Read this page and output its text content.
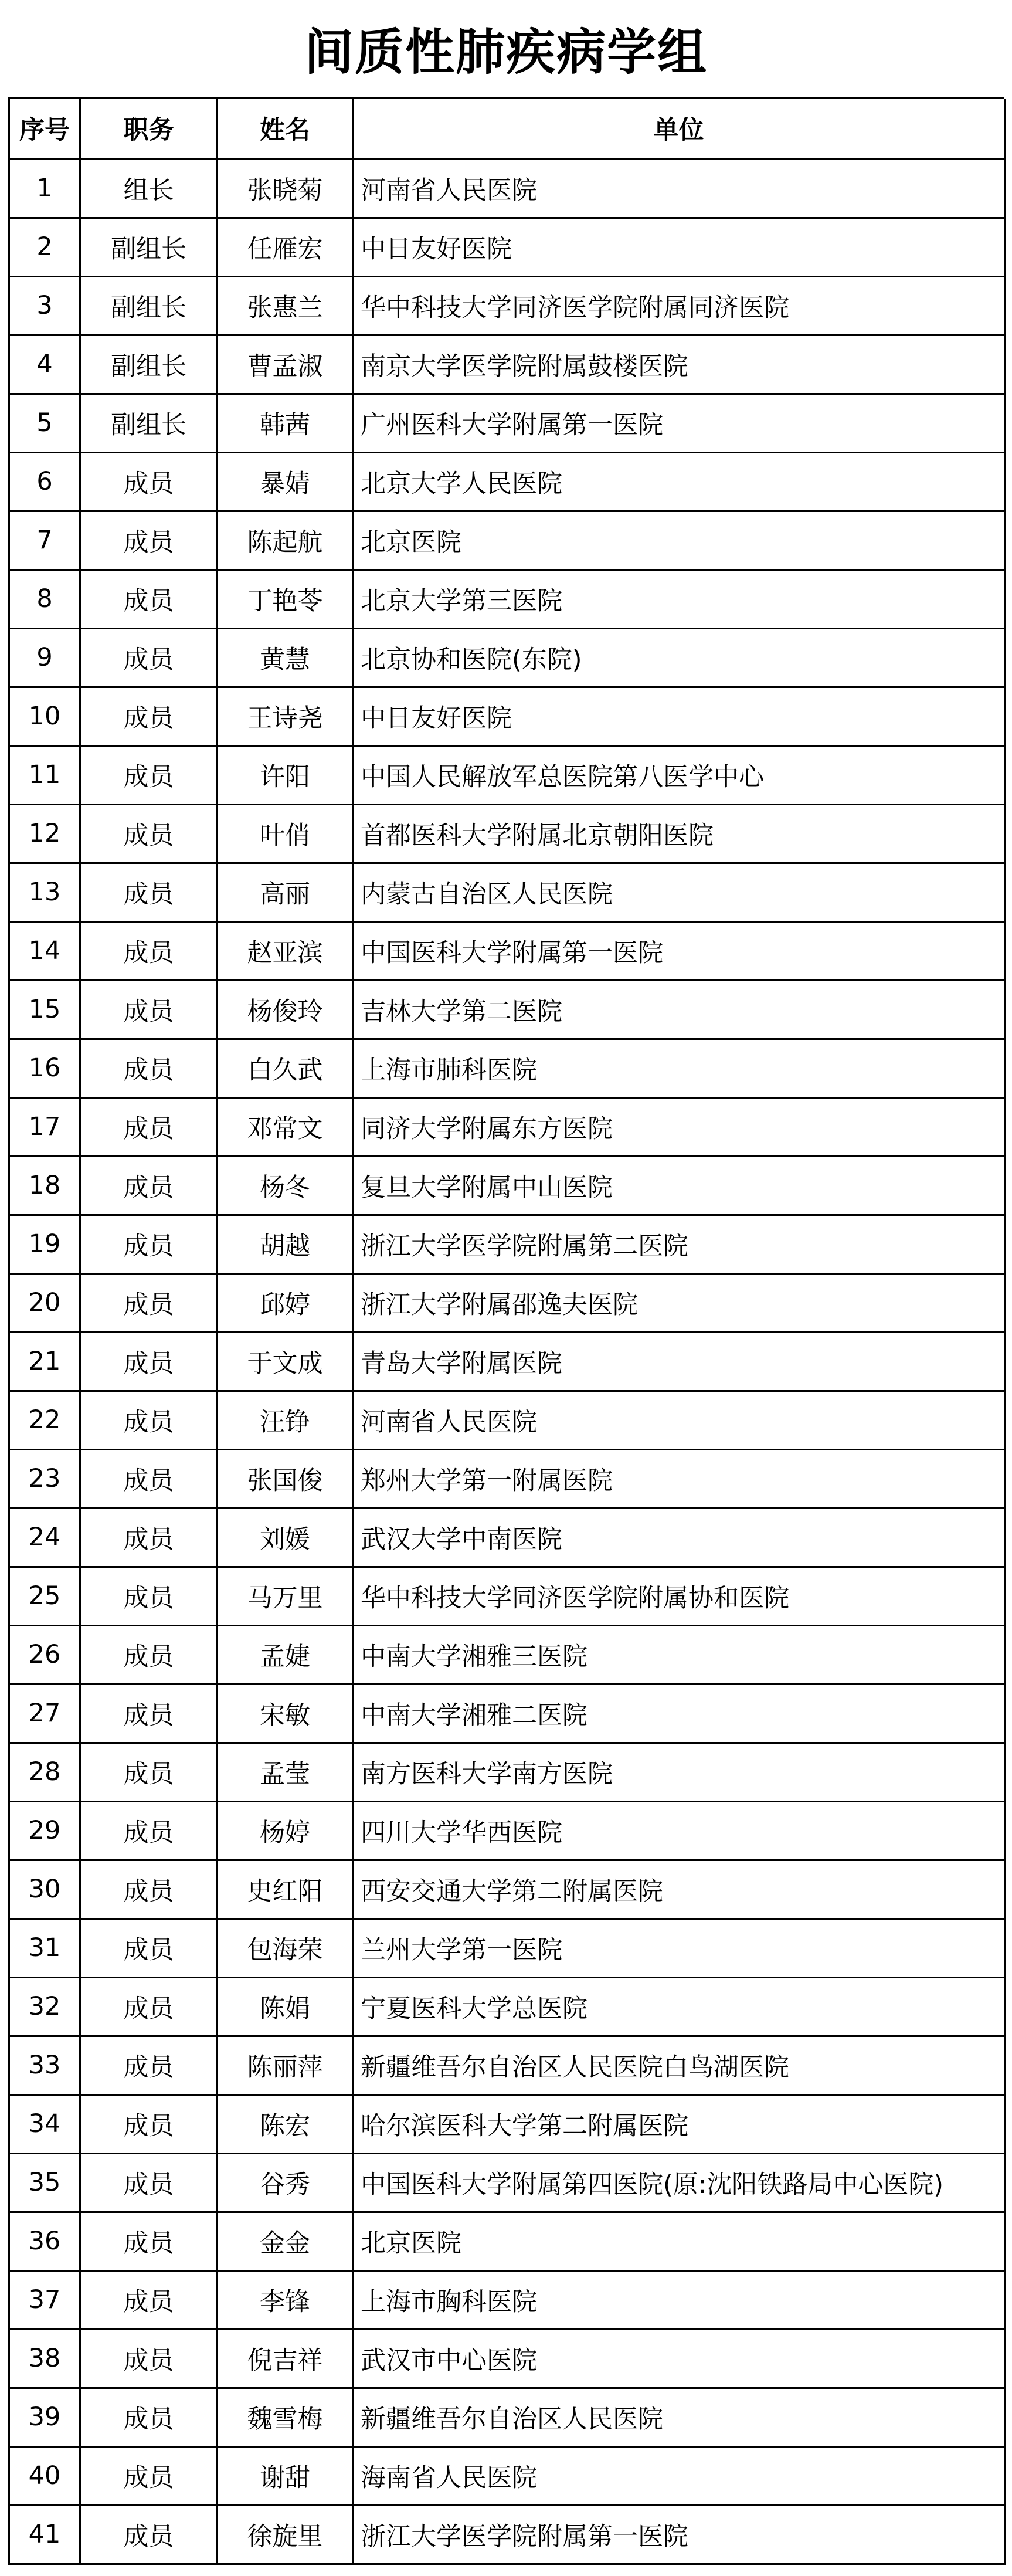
间质性肺疾病学组
序号	职务	姓名	单位
1	组长	张晓菊	河南省人民医院
2	副组长	任雁宏	中日友好医院
3	副组长	张惠兰	华中科技大学同济医学院附属同济医院
4	副组长	曹孟淑	南京大学医学院附属鼓楼医院
5	副组长	韩茜	广州医科大学附属第一医院
6	成员	暴婧	北京大学人民医院
7	成员	陈起航	北京医院
8	成员	丁艳苓	北京大学第三医院
9	成员	黄慧	北京协和医院(东院)
10	成员	王诗尧	中日友好医院
11	成员	许阳	中国人民解放军总医院第八医学中心
12	成员	叶俏	首都医科大学附属北京朝阳医院
13	成员	高丽	内蒙古自治区人民医院
14	成员	赵亚滨	中国医科大学附属第一医院
15	成员	杨俊玲	吉林大学第二医院
16	成员	白久武	上海市肺科医院
17	成员	邓常文	同济大学附属东方医院
18	成员	杨冬	复旦大学附属中山医院
19	成员	胡越	浙江大学医学院附属第二医院
20	成员	邱婷	浙江大学附属邵逸夫医院
21	成员	于文成	青岛大学附属医院
22	成员	汪铮	河南省人民医院
23	成员	张国俊	郑州大学第一附属医院
24	成员	刘媛	武汉大学中南医院
25	成员	马万里	华中科技大学同济医学院附属协和医院
26	成员	孟婕	中南大学湘雅三医院
27	成员	宋敏	中南大学湘雅二医院
28	成员	孟莹	南方医科大学南方医院
29	成员	杨婷	四川大学华西医院
30	成员	史红阳	西安交通大学第二附属医院
31	成员	包海荣	兰州大学第一医院
32	成员	陈娟	宁夏医科大学总医院
33	成员	陈丽萍	新疆维吾尔自治区人民医院白鸟湖医院
34	成员	陈宏	哈尔滨医科大学第二附属医院
35	成员	谷秀	中国医科大学附属第四医院(原:沈阳铁路局中心医院)
36	成员	金金	北京医院
37	成员	李锋	上海市胸科医院
38	成员	倪吉祥	武汉市中心医院
39	成员	魏雪梅	新疆维吾尔自治区人民医院
40	成员	谢甜	海南省人民医院
41	成员	徐旋里	浙江大学医学院附属第一医院
